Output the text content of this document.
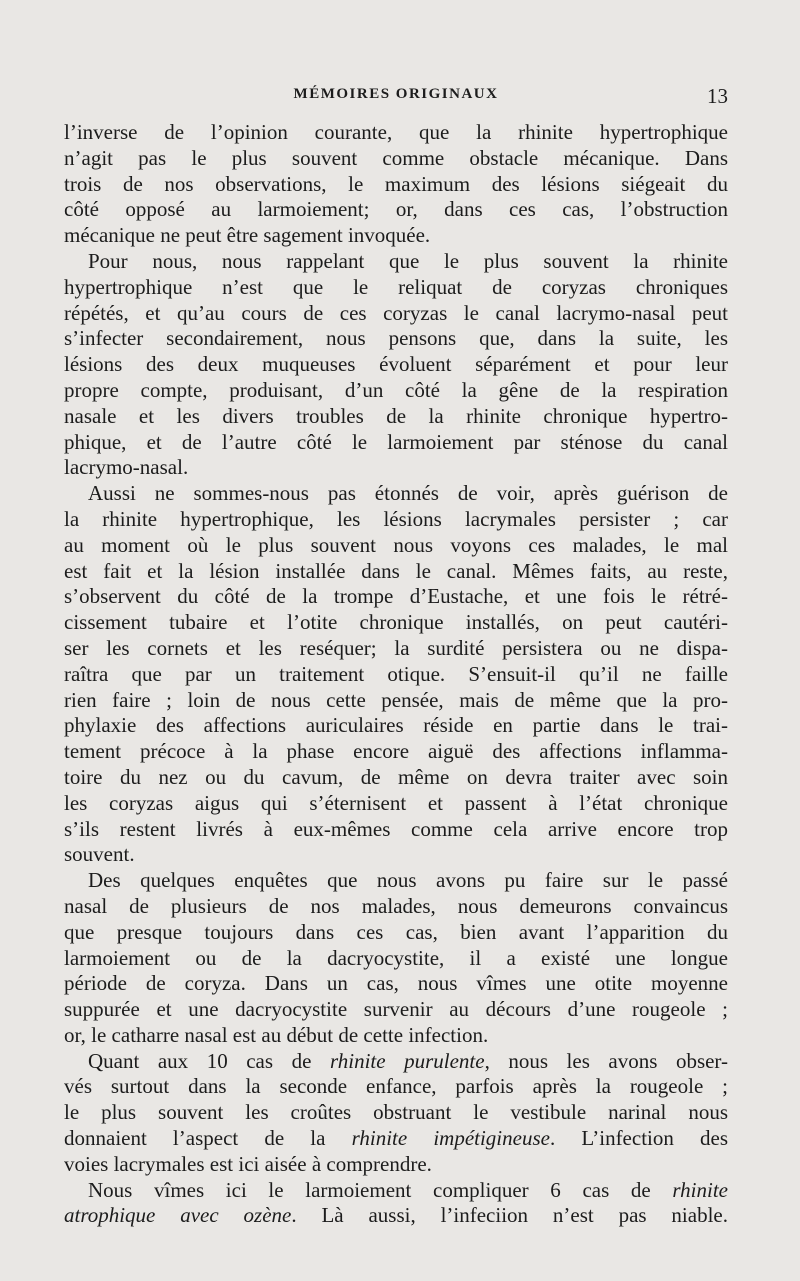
MÉMOIRES ORIGINAUX	13
l’inverse de l’opinion courante, que la rhinite hypertrophique
n’agit pas le plus souvent comme obstacle mécanique. Dans
trois de nos observations, le maximum des lésions siégeait du
côté opposé au larmoiement; or, dans ces cas, l’obstruction
mécanique ne peut être sagement invoquée.
Pour nous, nous rappelant que le plus souvent la rhinite
hypertrophique n’est que le reliquat de coryzas chroniques
répétés, et qu’au cours de ces coryzas le canal lacrymo-nasal peut
s’infecter secondairement, nous pensons que, dans la suite, les
lésions des deux muqueuses évoluent séparément et pour leur
propre compte, produisant, d’un côté la gêne de la respiration
nasale et les divers troubles de la rhinite chronique hypertro-
phique, et de l’autre côté le larmoiement par sténose du canal
lacrymo-nasal.
Aussi ne sommes-nous pas étonnés de voir, après guérison de
la rhinite hypertrophique, les lésions lacrymales persister ; car
au moment où le plus souvent nous voyons ces malades, le mal
est fait et la lésion installée dans le canal. Mêmes faits, au reste,
s’observent du côté de la trompe d’Eustache, et une fois le rétré-
cissement tubaire et l’otite chronique installés, on peut cautéri-
ser les cornets et les reséquer; la surdité persistera ou ne dispa-
raîtra que par un traitement otique. S’ensuit-il qu’il ne faille
rien faire ; loin de nous cette pensée, mais de même que la pro-
phylaxie des affections auriculaires réside en partie dans le trai-
tement précoce à la phase encore aiguë des affections inflamma-
toire du nez ou du cavum, de même on devra traiter avec soin
les coryzas aigus qui s’éternisent et passent à l’état chronique
s’ils restent livrés à eux-mêmes comme cela arrive encore trop
souvent.
Des quelques enquêtes que nous avons pu faire sur le passé
nasal de plusieurs de nos malades, nous demeurons convaincus
que presque toujours dans ces cas, bien avant l’apparition du
larmoiement ou de la dacryocystite, il a existé une longue
période de coryza. Dans un cas, nous vîmes une otite moyenne
suppurée et une dacryocystite survenir au décours d’une rougeole ;
or, le catharre nasal est au début de cette infection.
Quant aux 10 cas de rhinite purulente, nous les avons obser-
vés surtout dans la seconde enfance, parfois après la rougeole ;
le plus souvent les croûtes obstruant le vestibule narinal nous
donnaient l’aspect de la rhinite impétigineuse. L’infection des
voies lacrymales est ici aisée à comprendre.
Nous vîmes ici le larmoiement compliquer 6 cas de rhinite
atrophique avec ozène. Là aussi, l’infeciion n’est pas niable.
